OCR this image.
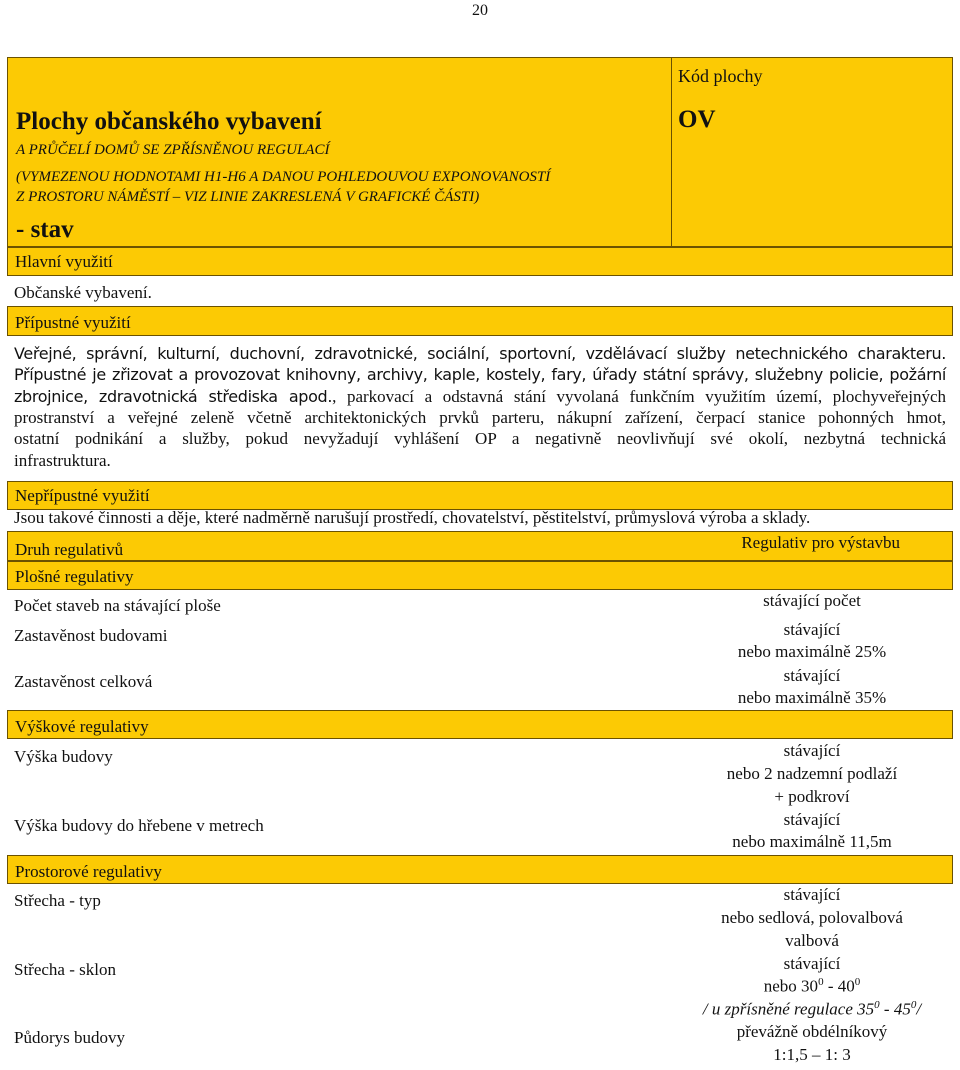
20
Plochy občanského vybavení
A PRŮČELÍ DOMŮ SE ZPŘÍSNĚNOU REGULACÍ
(VYMEZENOU HODNOTAMI H1-H6 A DANOU POHLEDOUVOU EXPONOVANOSTÍ
Z PROSTORU NÁMĚSTÍ – VIZ LINIE ZAKRESLENÁ V GRAFICKÉ ČÁSTI)
- stav
Kód plochy
OV
Hlavní využití
Občanské vybavení.
Přípustné využití
Veřejné, správní, kulturní, duchovní, zdravotnické, sociální, sportovní, vzdělávací služby netechnického charakteru.
Přípustné je zřizovat a provozovat knihovny, archivy, kaple, kostely, fary, úřady státní správy, služebny policie, požární
zbrojnice, zdravotnická střediska apod., parkovací a odstavná stání vyvolaná funkčním využitím území, plochyveřejných
prostranství a veřejné zeleně včetně architektonických prvků parteru, nákupní zařízení, čerpací stanice pohonných hmot,
ostatní podnikání a služby, pokud nevyžadují vyhlášení OP a negativně neovlivňují své okolí, nezbytná technická
infrastruktura.
Nepřípustné využití
Jsou takové činnosti a děje, které nadměrně narušují prostředí, chovatelství, pěstitelství, průmyslová výroba a sklady.
Druh regulativů	Regulativ pro výstavbu
Plošné regulativy
Počet staveb na stávající ploše	stávající počet
Zastavěnost budovami	stávající
nebo maximálně 25%
Zastavěnost celková	stávající
nebo maximálně 35%
Výškové regulativy
Výška budovy	stávající
nebo 2 nadzemní podlaží
+ podkroví
Výška budovy do hřebene v metrech	stávající
nebo maximálně 11,5m
Prostorové regulativy
Střecha - typ	stávající
nebo sedlová, polovalbová
valbová
Střecha - sklon	stávající
nebo $30^0 - 40^0$
/ u zpřísněné regulace $35^0 - 45^0/$
Půdorys budovy	převážně obdélníkový
1:1,5 – 1: 3
